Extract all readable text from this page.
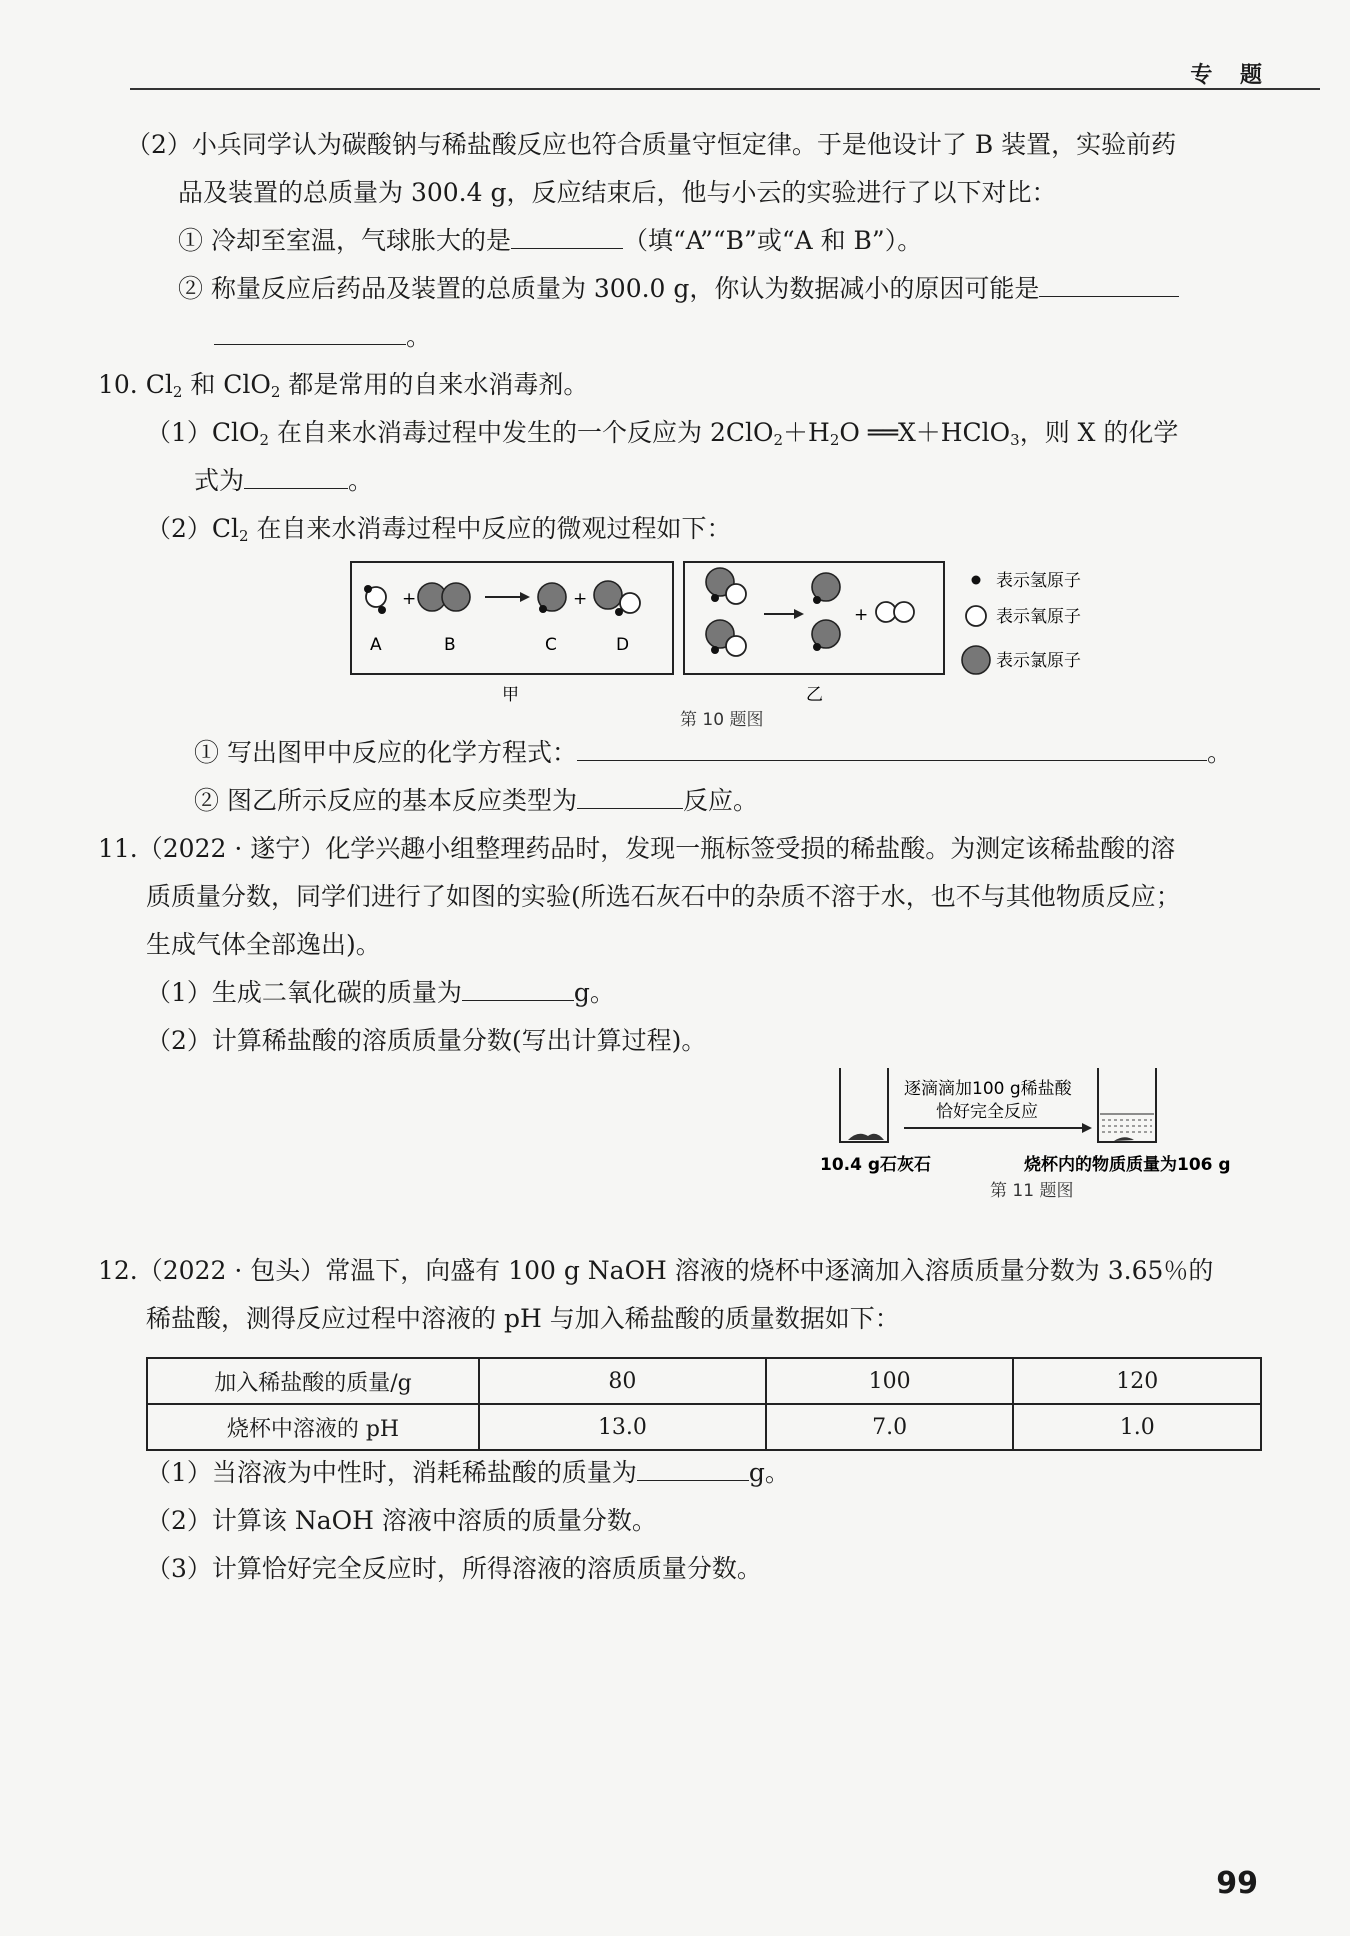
专 题
（2）小兵同学认为碳酸钠与稀盐酸反应也符合质量守恒定律。于是他设计了 B 装置，实验前药
品及装置的总质量为 300.4 g，反应结束后，他与小云的实验进行了以下对比：
① 冷却至室温，气球胀大的是	（填“A”“B”或“A 和 B”）。
② 称量反应后药品及装置的总质量为 300.0 g，你认为数据减小的原因可能是
。
10. $Cl_2$ 和 ClO$_2$ 都是常用的自来水消毒剂。
（1）ClO$_2$ 在自来水消毒过程中发生的一个反应为 $2ClO_2+H_2O$ ══X＋HClO$_3$，则 X 的化学
式为	。
$(2)Cl_2$ 在自来水消毒过程中反应的微观过程如下：
+	+
A	B	C	D
甲
+
乙
表示氢原子
表示氧原子
表示氯原子
第 10 题图
① 写出图甲中反应的化学方程式：	。
② 图乙所示反应的基本反应类型为	反应。
11.（2022 · 遂宁）化学兴趣小组整理药品时，发现一瓶标签受损的稀盐酸。为测定该稀盐酸的溶
质质量分数，同学们进行了如图的实验(所选石灰石中的杂质不溶于水，也不与其他物质反应；
生成气体全部逸出)。
（1）生成二氧化碳的质量为	g。
（2）计算稀盐酸的溶质质量分数(写出计算过程)。
逐滴滴加100 g稀盐酸
恰好完全反应
10.4 g石灰石	烧杯内的物质质量为106 g
第 11 题图
12.（2022 · 包头）常温下，向盛有 100 g NaOH 溶液的烧杯中逐滴加入溶质质量分数为 3.65％的
稀盐酸，测得反应过程中溶液的 pH 与加入稀盐酸的质量数据如下：
加入稀盐酸的质量/g	80	100	120
烧杯中溶液的 pH	13.0	7.0	1.0
（1）当溶液为中性时，消耗稀盐酸的质量为	g。
（2）计算该 NaOH 溶液中溶质的质量分数。
（3）计算恰好完全反应时，所得溶液的溶质质量分数。
99
